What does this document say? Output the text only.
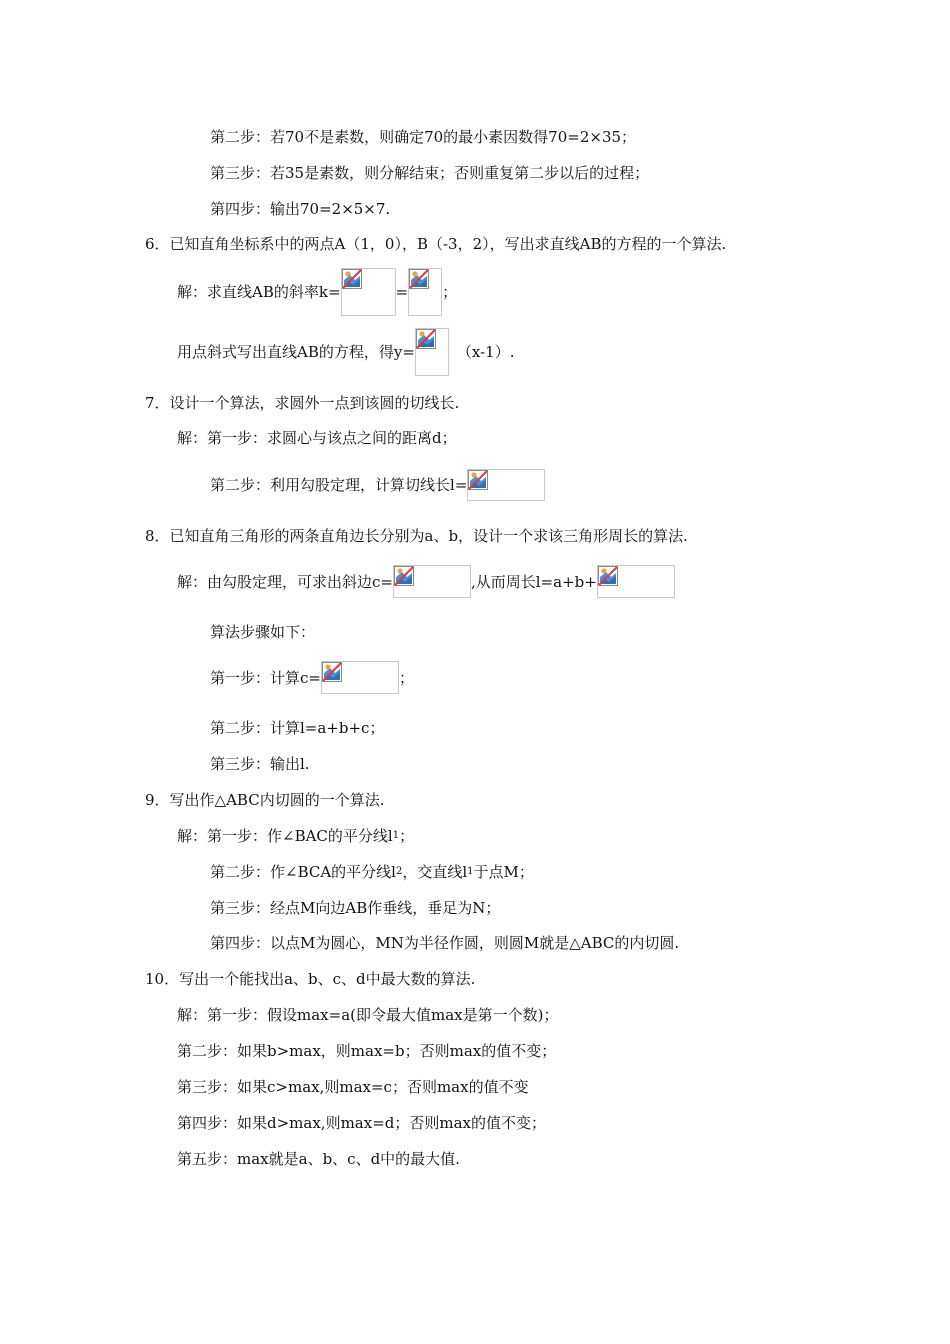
第二步：若70不是素数，则确定70的最小素因数得70=2×35；
第三步：若35是素数，则分解结束；否则重复第二步以后的过程；
第四步：输出70=2×5×7.
6．已知直角坐标系中的两点A（1，0），B（-3，2），写出求直线AB的方程的一个算法.
解：求直线AB的斜率k=	= ；
用点斜式写出直线AB的方程，得y=	（x-1）.
7．设计一个算法，求圆外一点到该圆的切线长.
解：第一步：求圆心与该点之间的距离d；
第二步：利用勾股定理，计算切线长l=
8．已知直角三角形的两条直角边长分别为a、b，设计一个求该三角形周长的算法.
解：由勾股定理，可求出斜边c=	,从而周长l=a+b+
算法步骤如下：
第一步：计算c=	；
第二步：计算l=a+b+c；
第三步：输出l.
9．写出作△ABC内切圆的一个算法.
解：第一步：作∠BAC的平分线l 1 ；
第二步：作∠BCA的平分线l 2 ，交直线l 1 于点M；
第三步：经点M向边AB作垂线，垂足为N；
第四步：以点M为圆心，MN为半径作圆，则圆M就是△ABC的内切圆.
10．写出一个能找出a、b、c、d中最大数的算法.
解：第一步：假设max=a(即令最大值max是第一个数)；
第二步：如果b>max，则max=b；否则max的值不变；
第三步：如果c>max,则max=c；否则max的值不变
第四步：如果d>max,则max=d；否则max的值不变；
第五步：max就是a、b、c、d中的最大值.
